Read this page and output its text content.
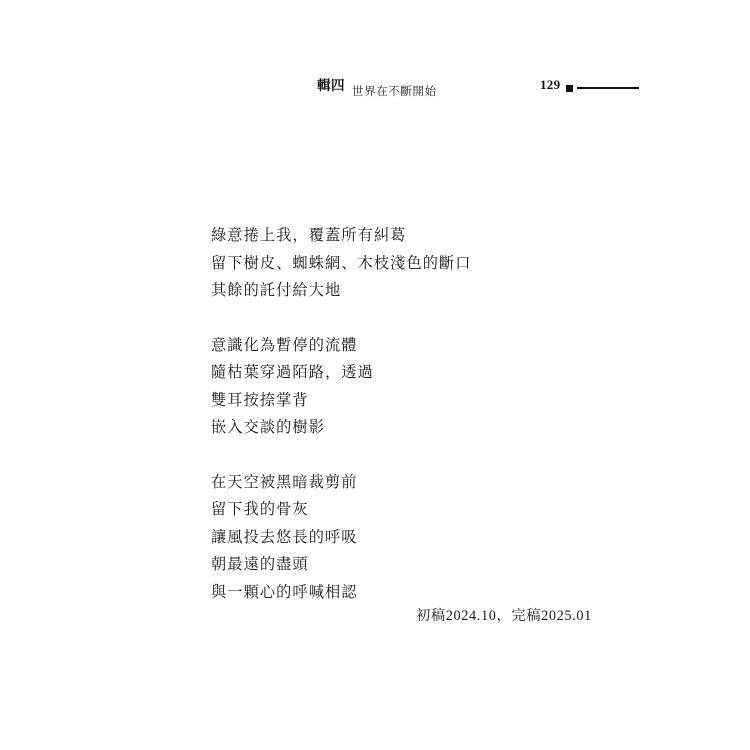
輯四 世界在不斷開始	129
綠意捲上我，覆蓋所有糾葛
留下樹皮、蜘蛛網、木枝淺色的斷口
其餘的託付給大地
意識化為暫停的流體
隨枯葉穿過陌路，透過
雙耳按捺掌背
嵌入交談的樹影
在天空被黑暗裁剪前
留下我的骨灰
讓風投去悠長的呼吸
朝最遠的盡頭
與一顆心的呼喊相認
初稿2024.10，完稿2025.01
